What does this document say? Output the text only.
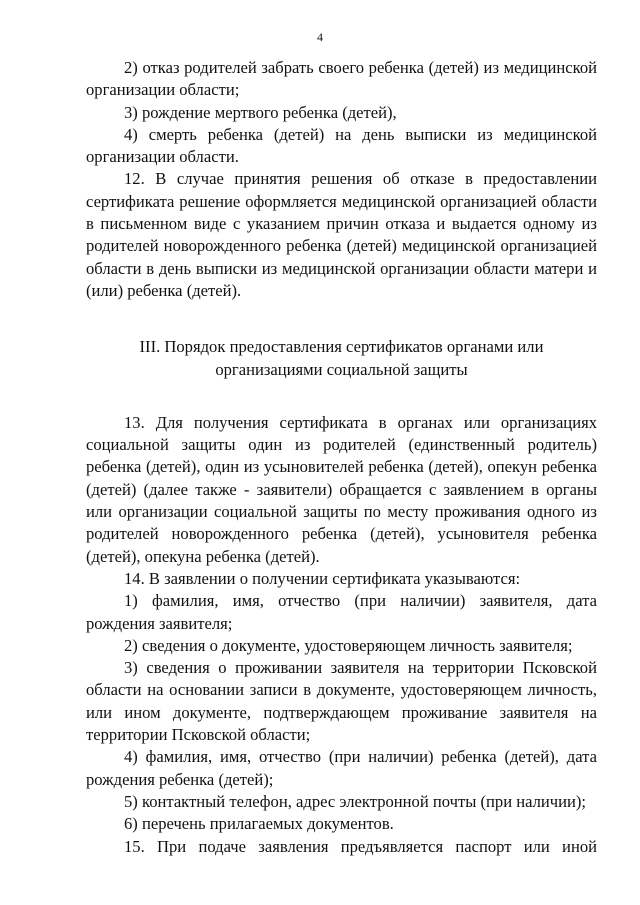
4

2) отказ родителей забрать своего ребенка (детей) из медицинской организации области;

3) рождение мертвого ребенка (детей),

4) смерть ребенка (детей) на день выписки из медицинской организации области.

12. В случае принятия решения об отказе в предоставлении сертификата решение оформляется медицинской организацией области в письменном виде с указанием причин отказа и выдается одному из родителей новорожденного ребенка (детей) медицинской организацией области в день выписки из медицинской организации области матери и (или) ребенка (детей).

III. Порядок предоставления сертификатов органами или организациями социальной защиты

13. Для получения сертификата в органах или организациях социальной защиты один из родителей (единственный родитель) ребенка (детей), один из усыновителей ребенка (детей), опекун ребенка (детей) (далее также - заявители) обращается с заявлением в органы или организации социальной защиты по месту проживания одного из родителей новорожденного ребенка (детей), усыновителя ребенка (детей), опекуна ребенка (детей).

14. В заявлении о получении сертификата указываются:

1) фамилия, имя, отчество (при наличии) заявителя, дата рождения заявителя;

2) сведения о документе, удостоверяющем личность заявителя;

3) сведения о проживании заявителя на территории Псковской области на основании записи в документе, удостоверяющем личность, или ином документе, подтверждающем проживание заявителя на территории Псковской области;

4) фамилия, имя, отчество (при наличии) ребенка (детей), дата рождения ребенка (детей);

5) контактный телефон, адрес электронной почты (при наличии);

6) перечень прилагаемых документов.

15. При подаче заявления предъявляется паспорт или иной
